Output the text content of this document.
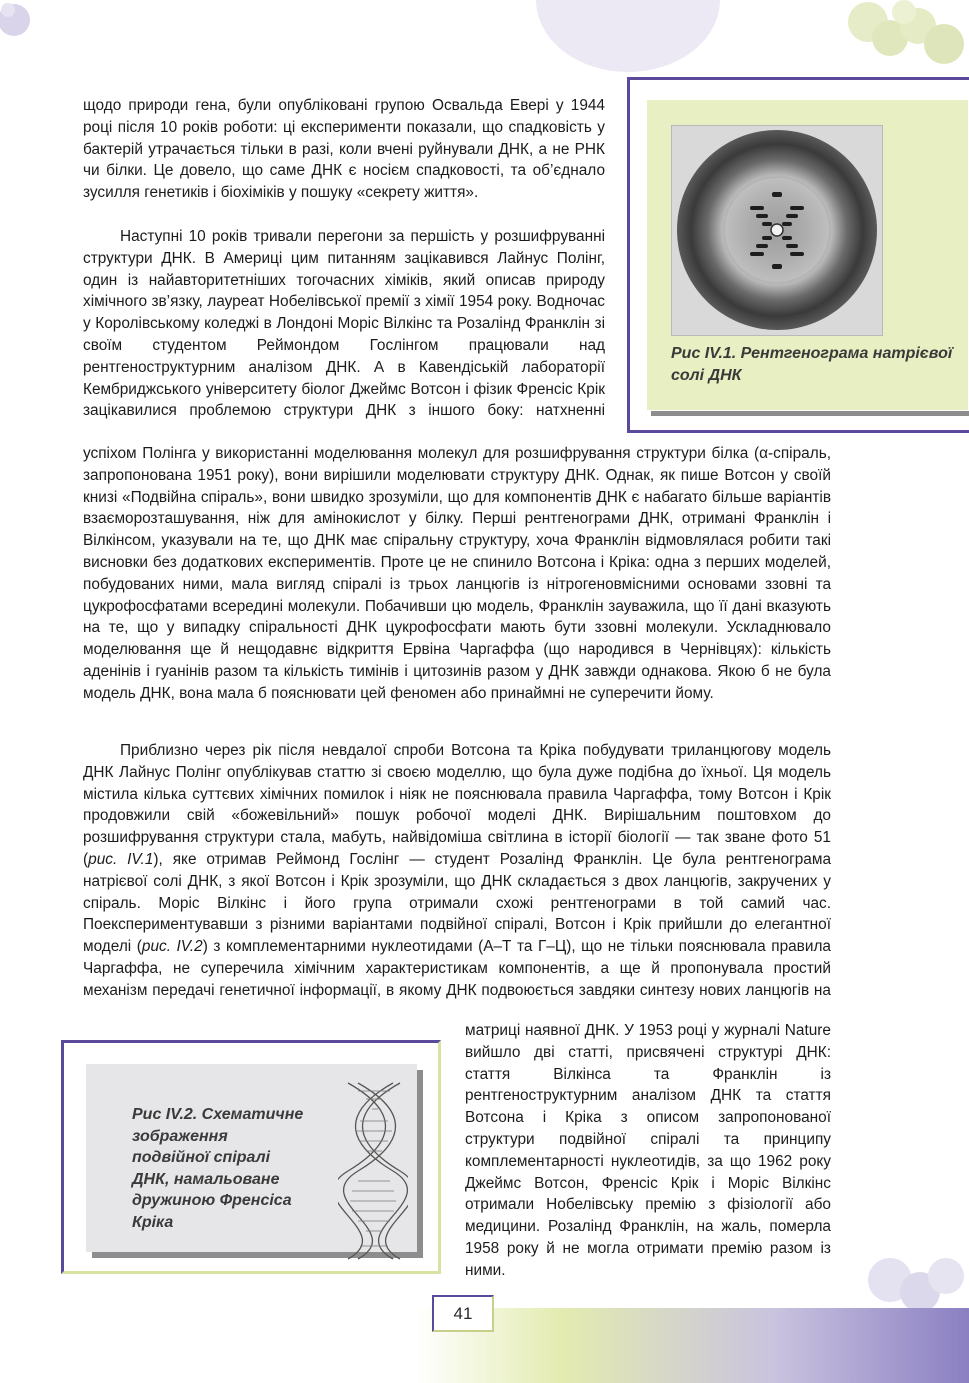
Рис IV.1. Рентгенограма натрієвої солі ДНК

щодо природи гена, були опубліковані групою Освальда Евері у 1944 році після 10 років роботи: ці експерименти показали, що спадковість у бактерій утрачається тільки в разі, коли вчені руйнували ДНК, а не РНК чи білки. Це довело, що саме ДНК є носієм спадковості, та об’єднало зусилля генетиків і біохіміків у пошуку «секрету життя».

Наступні 10 років тривали перегони за першість у розшифруванні структури ДНК. В Америці цим питанням зацікавився Лайнус Полінг, один із найавторитетніших тогочасних хіміків, який описав природу хімічного зв’язку, лауреат Нобелівської премії з хімії 1954 року. Водночас у Королівському коледжі в Лондоні Моріс Вілкінс та Розалінд Франклін зі своїм студентом Реймондом Гослінгом працювали над рентгеноструктурним аналізом ДНК. А в Кавендіській лабораторії Кембриджського університету біолог Джеймс Вотсон і фізик Френсіс Крік зацікавилися проблемою структури ДНК з іншого боку: натхненні

успіхом Полінга у використанні моделювання молекул для розшифрування структури білка (α-спіраль, запропонована 1951 року), вони вирішили моделювати структуру ДНК. Однак, як пише Вотсон у своїй книзі «Подвійна спіраль», вони швидко зрозуміли, що для компонентів ДНК є набагато більше варіантів взаєморозташування, ніж для амінокислот у білку. Перші рентгенограми ДНК, отримані Франклін і Вілкінсом, указували на те, що ДНК має спіральну структуру, хоча Франклін відмовлялася робити такі висновки без додаткових експериментів. Проте це не спинило Вотсона і Кріка: одна з перших моделей, побудованих ними, мала вигляд спіралі із трьох ланцюгів із нітрогеновмісними основами ззовні та цукрофосфатами всередині молекули. Побачивши цю модель, Франклін зауважила, що її дані вказують на те, що у випадку спіральності ДНК цукрофосфати мають бути ззовні молекули. Ускладнювало моделювання ще й нещодавнє відкриття Ервіна Чаргаффа (що народився в Чернівцях): кількість аденінів і гуанінів разом та кількість тимінів і цитозинів разом у ДНК завжди однакова. Якою б не була модель ДНК, вона мала б пояснювати цей феномен або принаймні не суперечити йому.

Приблизно через рік після невдалої спроби Вотсона та Кріка побудувати триланцюгову модель ДНК Лайнус Полінг опублікував статтю зі своєю моделлю, що була дуже подібна до їхньої. Ця модель містила кілька суттєвих хімічних помилок і ніяк не пояснювала правила Чаргаффа, тому Вотсон і Крік продовжили свій «божевільний» пошук робочої моделі ДНК. Вирішальним поштовхом до розшифрування структури стала, мабуть, найвідоміша світлина в історії біології — так зване фото 51 (рис. IV.1), яке отримав Реймонд Гослінг — студент Розалінд Франклін. Це була рентгенограма натрієвої солі ДНК, з якої Вотсон і Крік зрозуміли, що ДНК складається з двох ланцюгів, закручених у спіраль. Моріс Вілкінс і його група отримали схожі рентгенограми в той самий час. Поекспериментувавши з різними варіантами подвійної спіралі, Вотсон і Крік прийшли до елегантної моделі (рис. IV.2) з комплементарними нуклеотидами (А–Т та Г–Ц), що не тільки пояснювала правила Чаргаффа, не суперечила хімічним характеристикам компонентів, а ще й пропонувала простий механізм передачі генетичної інформації, в якому ДНК подвоюється завдяки синтезу нових ланцюгів на

Рис IV.2. Схематичне зображення подвійної спіралі ДНК, намальоване дружиною Френсіса Кріка

матриці наявної ДНК. У 1953 році у журналі Nature вийшло дві статті, присвячені структурі ДНК: стаття Вілкінса та Франклін із рентгеноструктурним аналізом ДНК та стаття Вотсона і Кріка з описом запропонованої структури подвійної спіралі та принципу комплементарності нуклеотидів, за що 1962 року Джеймс Вотсон, Френсіс Крік і Моріс Вілкінс отримали Нобелівську премію з фізіології або медицини. Розалінд Франклін, на жаль, померла 1958 року й не могла отримати премію разом із ними.

41
